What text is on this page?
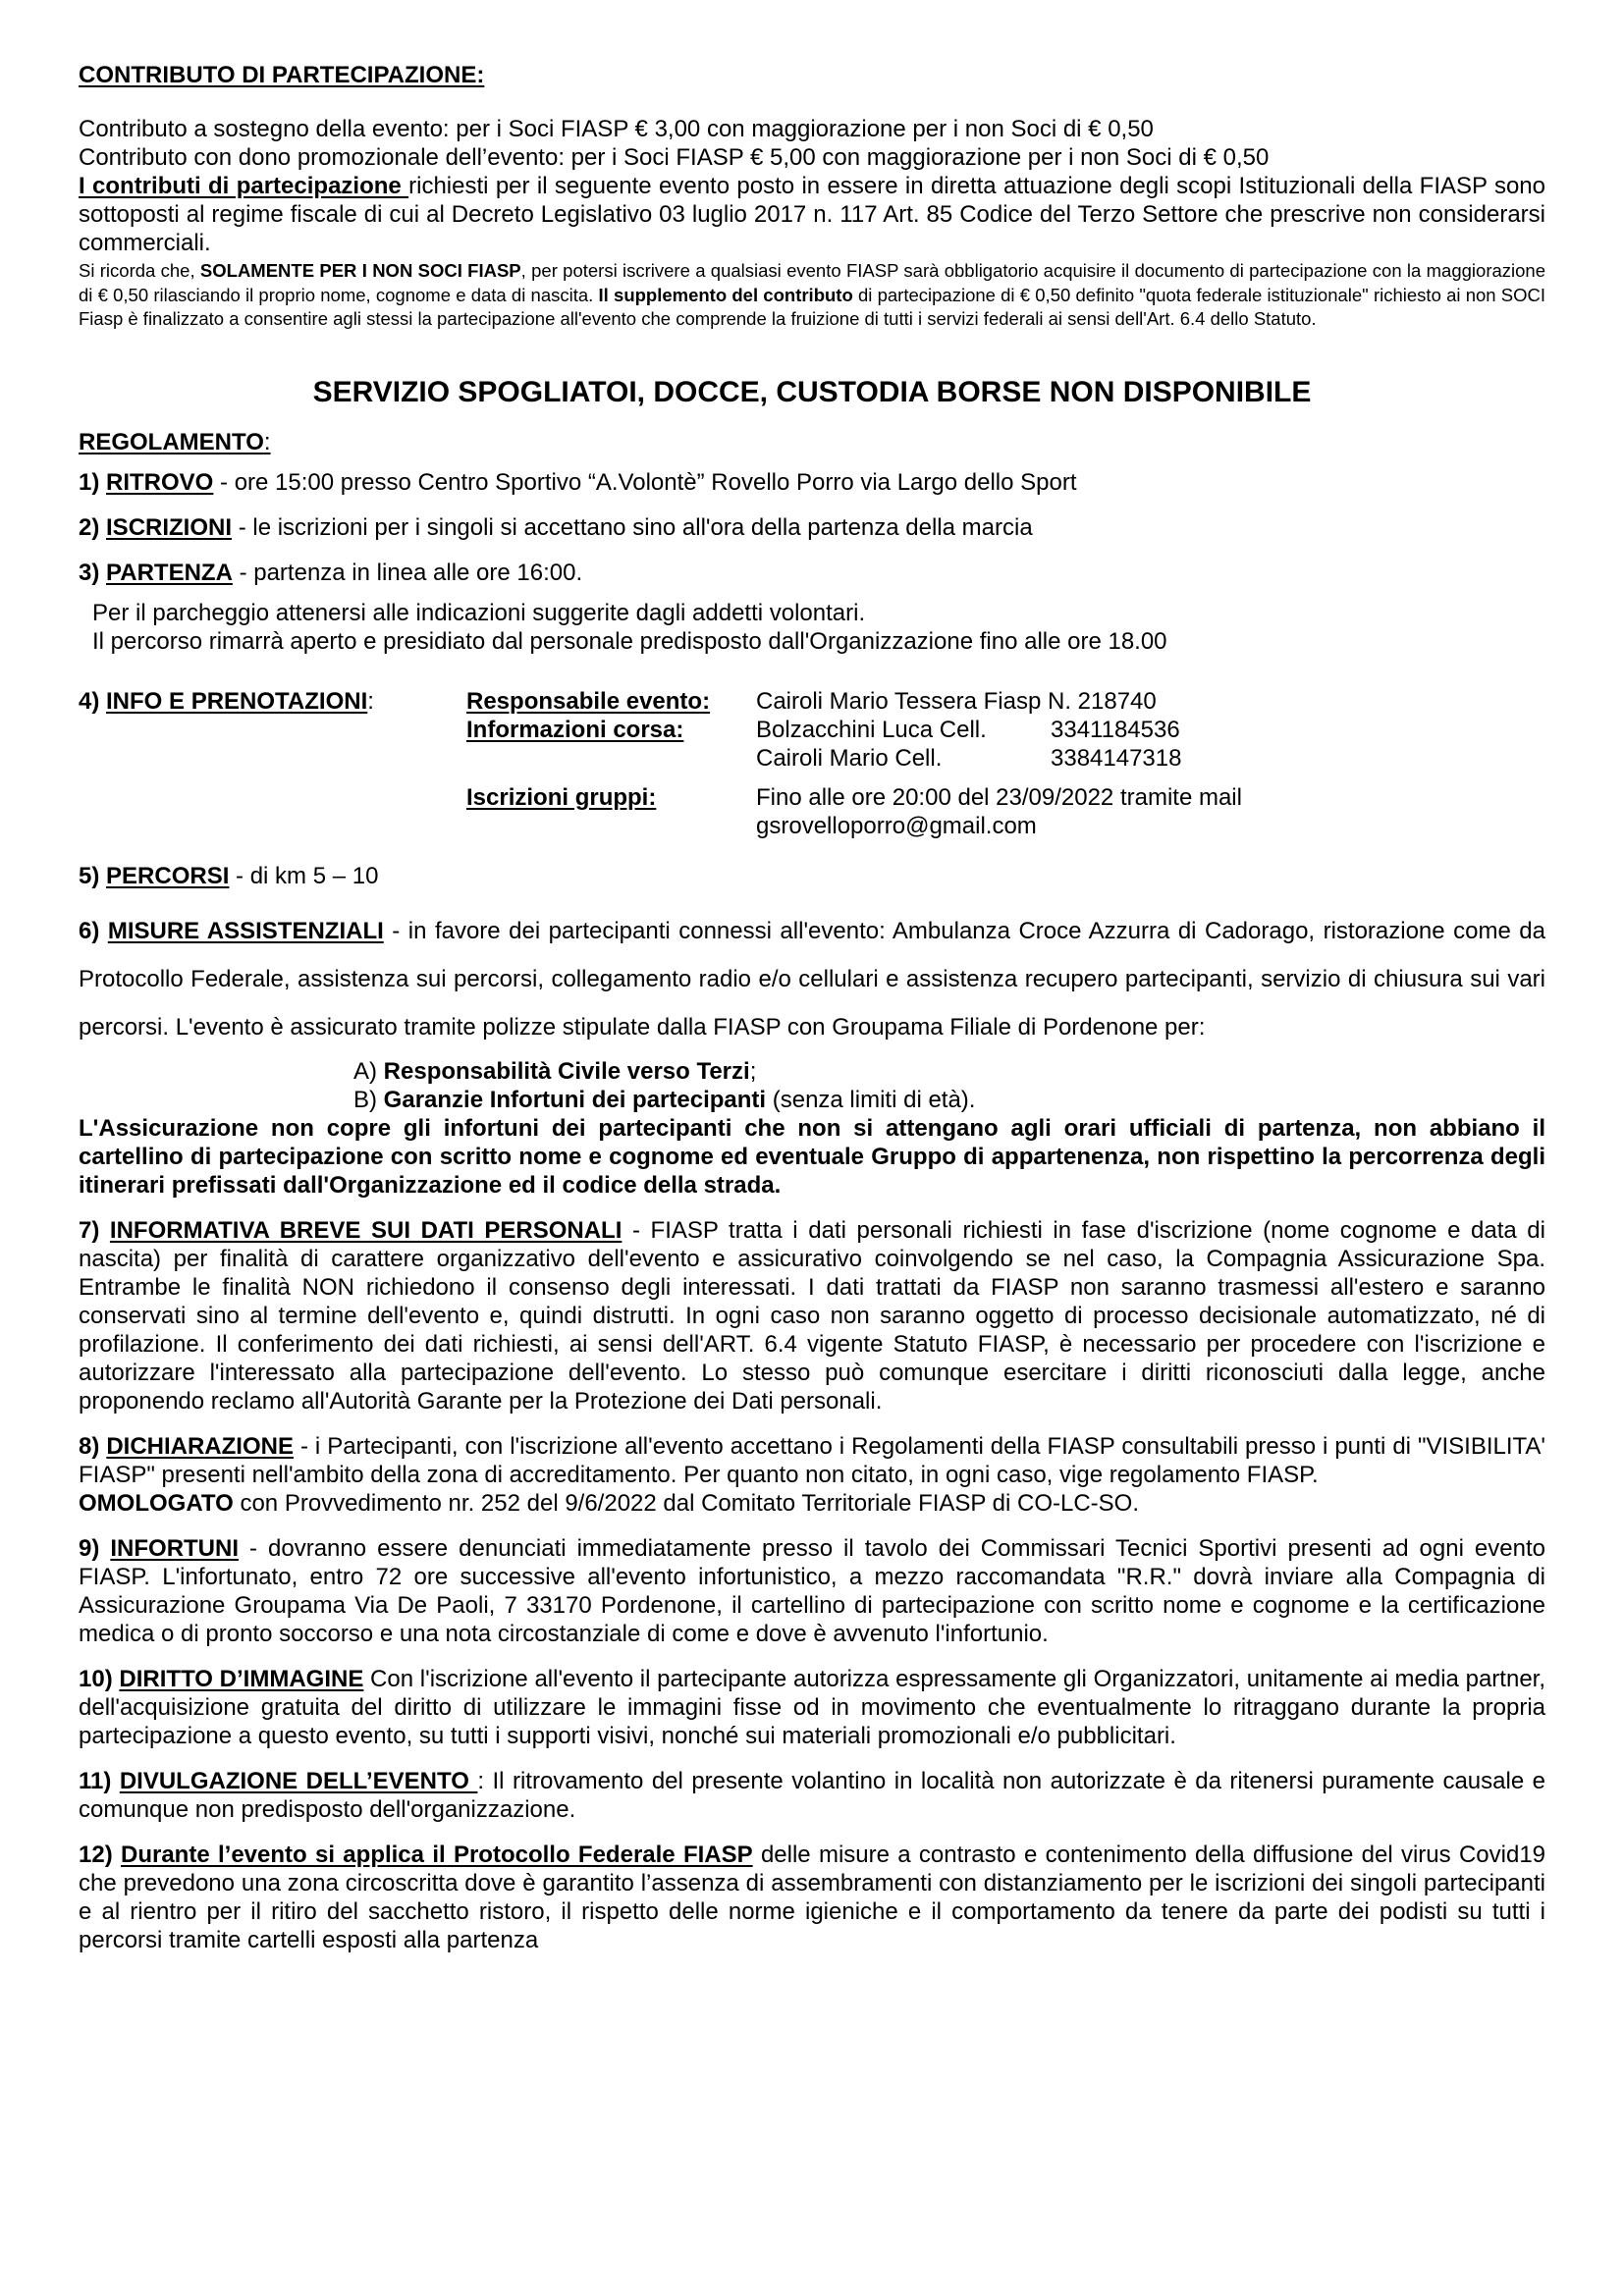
CONTRIBUTO DI PARTECIPAZIONE:

Contributo a sostegno della evento: per i Soci FIASP € 3,00 con maggiorazione per i non Soci di € 0,50

Contributo con dono promozionale dell’evento: per i Soci FIASP € 5,00 con maggiorazione per i non Soci di € 0,50

I contributi di partecipazione richiesti per il seguente evento posto in essere in diretta attuazione degli scopi Istituzionali della FIASP sono sottoposti al regime fiscale di cui al Decreto Legislativo 03 luglio 2017 n. 117 Art. 85 Codice del Terzo Settore che prescrive non considerarsi commerciali.

Si ricorda che, SOLAMENTE PER I NON SOCI FIASP, per potersi iscrivere a qualsiasi evento FIASP sarà obbligatorio acquisire il documento di partecipazione con la maggiorazione di € 0,50 rilasciando il proprio nome, cognome e data di nascita. Il supplemento del contributo di partecipazione di € 0,50 definito "quota federale istituzionale" richiesto ai non SOCI Fiasp è finalizzato a consentire agli stessi la partecipazione all'evento che comprende la fruizione di tutti i servizi federali ai sensi dell'Art. 6.4 dello Statuto.

SERVIZIO SPOGLIATOI, DOCCE, CUSTODIA BORSE NON DISPONIBILE

REGOLAMENTO:

1) RITROVO - ore 15:00 presso Centro Sportivo “A.Volontè” Rovello Porro via Largo dello Sport

2) ISCRIZIONI - le iscrizioni per i singoli si accettano sino all'ora della partenza della marcia

3) PARTENZA - partenza in linea alle ore 16:00.

Per il parcheggio attenersi alle indicazioni suggerite dagli addetti volontari.

Il percorso rimarrà aperto e presidiato dal personale predisposto dall'Organizzazione fino alle ore 18.00

4) INFO E PRENOTAZIONI:	Responsabile evento: Cairoli Mario Tessera Fiasp N. 218740
Informazioni corsa:	Bolzacchini Luca Cell.	3341184536
Cairoli Mario Cell.	3384147318
Iscrizioni gruppi:	Fino alle ore 20:00 del 23/09/2022 tramite mail
gsrovelloporro@gmail.com

5) PERCORSI - di km 5 – 10

6) MISURE ASSISTENZIALI - in favore dei partecipanti connessi all'evento: Ambulanza Croce Azzurra di Cadorago, ristorazione come da Protocollo Federale, assistenza sui percorsi, collegamento radio e/o cellulari e assistenza recupero partecipanti, servizio di chiusura sui vari percorsi. L'evento è assicurato tramite polizze stipulate dalla FIASP con Groupama Filiale di Pordenone per:

A) Responsabilità Civile verso Terzi;

B) Garanzie Infortuni dei partecipanti (senza limiti di età).

L'Assicurazione non copre gli infortuni dei partecipanti che non si attengano agli orari ufficiali di partenza, non abbiano il cartellino di partecipazione con scritto nome e cognome ed eventuale Gruppo di appartenenza, non rispettino la percorrenza degli itinerari prefissati dall'Organizzazione ed il codice della strada.

7) INFORMATIVA BREVE SUI DATI PERSONALI - FIASP tratta i dati personali richiesti in fase d'iscrizione (nome cognome e data di nascita) per finalità di carattere organizzativo dell'evento e assicurativo coinvolgendo se nel caso, la Compagnia Assicurazione Spa. Entrambe le finalità NON richiedono il consenso degli interessati. I dati trattati da FIASP non saranno trasmessi all'estero e saranno conservati sino al termine dell'evento e, quindi distrutti. In ogni caso non saranno oggetto di processo decisionale automatizzato, né di profilazione. Il conferimento dei dati richiesti, ai sensi dell'ART. 6.4 vigente Statuto FIASP, è necessario per procedere con l'iscrizione e autorizzare l'interessato alla partecipazione dell'evento. Lo stesso può comunque esercitare i diritti riconosciuti dalla legge, anche proponendo reclamo all'Autorità Garante per la Protezione dei Dati personali.

8) DICHIARAZIONE - i Partecipanti, con l'iscrizione all'evento accettano i Regolamenti della FIASP consultabili presso i punti di "VISIBILITA' FIASP" presenti nell'ambito della zona di accreditamento. Per quanto non citato, in ogni caso, vige regolamento FIASP.

OMOLOGATO con Provvedimento nr. 252 del 9/6/2022 dal Comitato Territoriale FIASP di CO-LC-SO.

9) INFORTUNI - dovranno essere denunciati immediatamente presso il tavolo dei Commissari Tecnici Sportivi presenti ad ogni evento FIASP. L'infortunato, entro 72 ore successive all'evento infortunistico, a mezzo raccomandata "R.R." dovrà inviare alla Compagnia di Assicurazione Groupama Via De Paoli, 7 33170 Pordenone, il cartellino di partecipazione con scritto nome e cognome e la certificazione medica o di pronto soccorso e una nota circostanziale di come e dove è avvenuto l'infortunio.

10) DIRITTO D’IMMAGINE Con l'iscrizione all'evento il partecipante autorizza espressamente gli Organizzatori, unitamente ai media partner, dell'acquisizione gratuita del diritto di utilizzare le immagini fisse od in movimento che eventualmente lo ritraggano durante la propria partecipazione a questo evento, su tutti i supporti visivi, nonché sui materiali promozionali e/o pubblicitari.

11) DIVULGAZIONE DELL’EVENTO : Il ritrovamento del presente volantino in località non autorizzate è da ritenersi puramente causale e comunque non predisposto dell'organizzazione.

12) Durante l’evento si applica il Protocollo Federale FIASP delle misure a contrasto e contenimento della diffusione del virus Covid19 che prevedono una zona circoscritta dove è garantito l’assenza di assembramenti con distanziamento per le iscrizioni dei singoli partecipanti e al rientro per il ritiro del sacchetto ristoro, il rispetto delle norme igieniche e il comportamento da tenere da parte dei podisti su tutti i percorsi tramite cartelli esposti alla partenza
